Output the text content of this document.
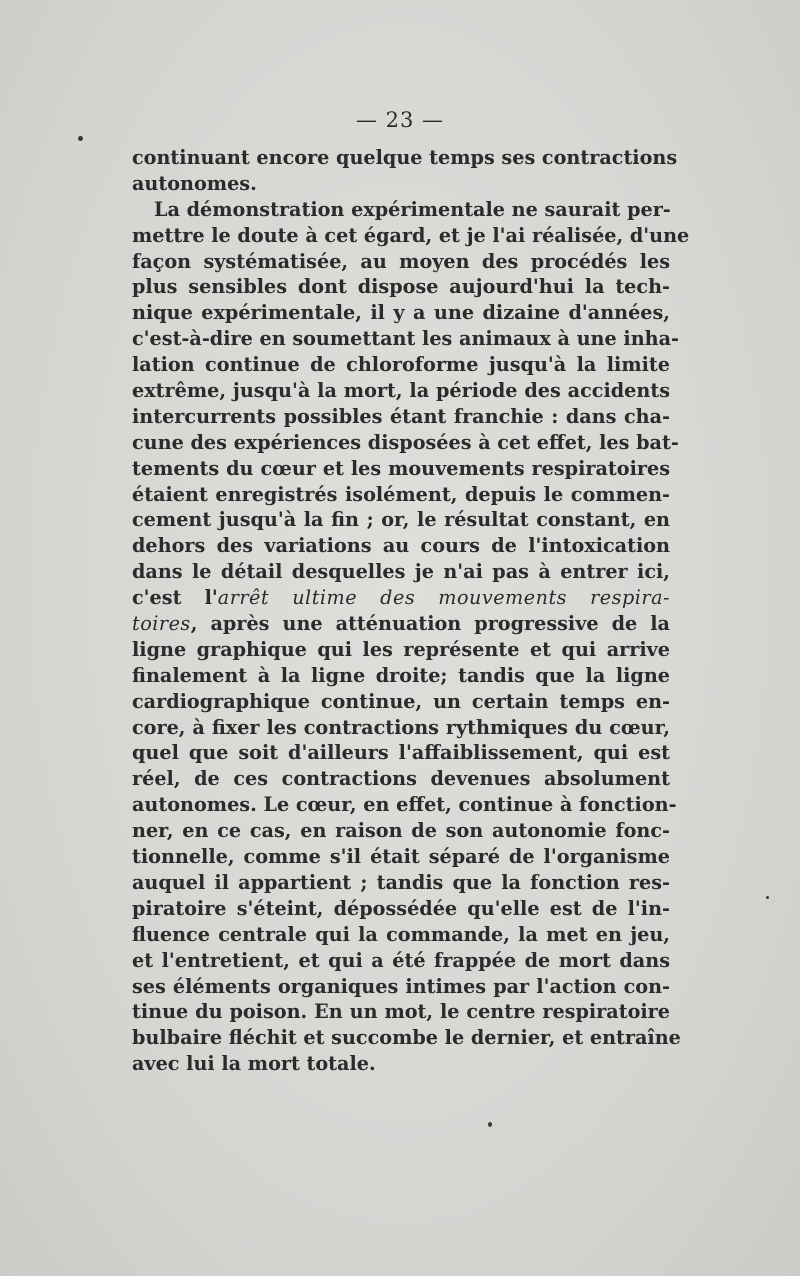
— 23 —
continuant encore quelque temps ses contractions
autonomes.
La démonstration expérimentale ne saurait per-
mettre le doute à cet égard, et je l'ai réalisée, d'une
façon systématisée, au moyen des procédés les
plus sensibles dont dispose aujourd'hui la tech-
nique expérimentale, il y a une dizaine d'années,
c'est-à-dire en soumettant les animaux à une inha-
lation continue de chloroforme jusqu'à la limite
extrême, jusqu'à la mort, la période des accidents
intercurrents possibles étant franchie : dans cha-
cune des expériences disposées à cet effet, les bat-
tements du cœur et les mouvements respiratoires
étaient enregistrés isolément, depuis le commen-
cement jusqu'à la fin ; or, le résultat constant, en
dehors des variations au cours de l'intoxication
dans le détail desquelles je n'ai pas à entrer ici,
c'est l'arrêt ultime des mouvements respira-
toires, après une atténuation progressive de la
ligne graphique qui les représente et qui arrive
finalement à la ligne droite; tandis que la ligne
cardiographique continue, un certain temps en-
core, à fixer les contractions rythmiques du cœur,
quel que soit d'ailleurs l'affaiblissement, qui est
réel, de ces contractions devenues absolument
autonomes. Le cœur, en effet, continue à fonction-
ner, en ce cas, en raison de son autonomie fonc-
tionnelle, comme s'il était séparé de l'organisme
auquel il appartient ; tandis que la fonction res-
piratoire s'éteint, dépossédée qu'elle est de l'in-
fluence centrale qui la commande, la met en jeu,
et l'entretient, et qui a été frappée de mort dans
ses éléments organiques intimes par l'action con-
tinue du poison. En un mot, le centre respiratoire
bulbaire fléchit et succombe le dernier, et entraîne
avec lui la mort totale.
